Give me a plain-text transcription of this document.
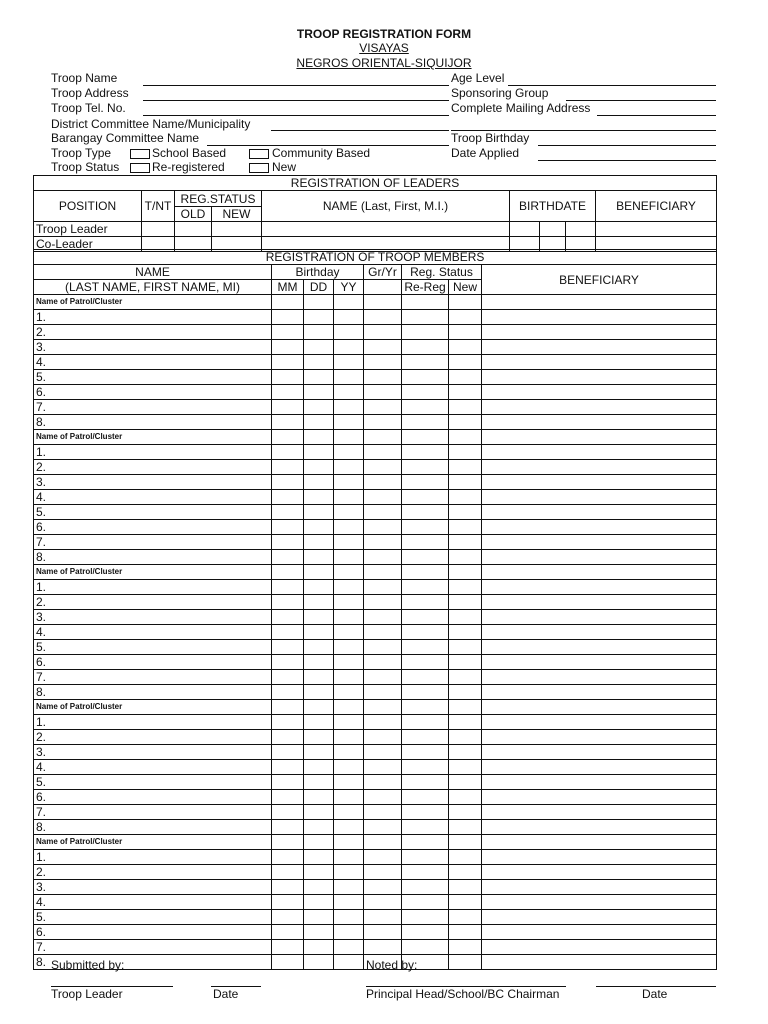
TROOP REGISTRATION FORM
VISAYAS
NEGROS ORIENTAL-SIQUIJOR
Troop Name
Troop Address
Troop Tel. No.
District Committee Name/Municipality
Barangay Committee Name
Troop Type	School Based	Community Based
Troop Status	Re-registered	New
Age Level
Sponsoring Group
Complete Mailing Address
Troop Birthday
Date Applied
REGISTRATION OF LEADERS								
POSITION	T/NT	REG.STATUS		NAME (Last, First, M.I.)	BIRTHDATE			BENEFICIARY
		OLD	NEW					
Troop Leader								
Co-Leader								
REGISTRATION OF TROOP MEMBERS							
NAME	Birthday			Gr/Yr	Reg. Status		BENEFICIARY
(LAST NAME, FIRST NAME, MI)	MM	DD	YY		Re-Reg	New	
Name of Patrol/Cluster							
1.							
2.							
3.							
4.							
5.							
6.							
7.							
8.							
Name of Patrol/Cluster							
1.							
2.							
3.							
4.							
5.							
6.							
7.							
8.							
Name of Patrol/Cluster							
1.							
2.							
3.							
4.							
5.							
6.							
7.							
8.							
Name of Patrol/Cluster							
1.							
2.							
3.							
4.							
5.							
6.							
7.							
8.							
Name of Patrol/Cluster							
1.							
2.							
3.							
4.							
5.							
6.							
7.							
8.							Submitted by:	Noted by:
Troop Leader	Date	Principal Head/School/BC Chairman	Date
